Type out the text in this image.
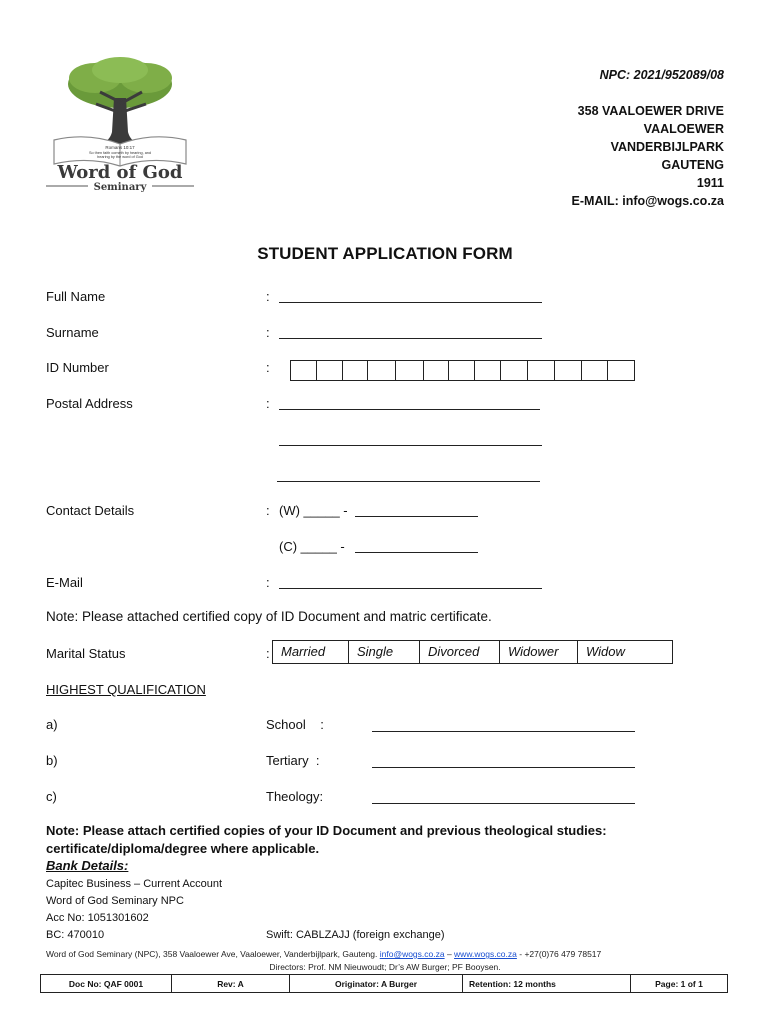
Romans 10:17
So then faith cometh by hearing, and
hearing by the word of God
Word of God
Seminary
NPC: 2021/952089/08
358 VAALOEWER DRIVE
VAALOEWER
VANDERBIJLPARK
GAUTENG
1911
E-MAIL: info@wogs.co.za
STUDENT APPLICATION FORM
Full Name	:
Surname	:
ID Number	:
Postal Address	:
Contact Details	: (W) _____ -
(C) _____ -
E-Mail	:
Note: Please attached certified copy of ID Document and matric certificate.
Marital Status	: Married	Single	Divorced	Widower	Widow
HIGHEST QUALIFICATION
a)	School    :
b)	Tertiary  :
c)	Theology:
Note: Please attach certified copies of your ID Document and previous theological studies: certificate/diploma/degree where applicable.
Bank Details:
Capitec Business – Current Account
Word of God Seminary NPC
Acc No: 1051301602
BC: 470010	Swift: CABLZAJJ (foreign exchange)
Word of God Seminary (NPC), 358 Vaaloewer Ave, Vaaloewer, Vanderbijlpark, Gauteng. info@wogs.co.za – www.wogs.co.za - +27(0)76 479 78517
Directors: Prof. NM Nieuwoudt; Dr’s AW Burger; PF Booysen.
Doc No: QAF 0001	Rev: A	Originator: A Burger	Retention: 12 months	Page: 1 of 1
